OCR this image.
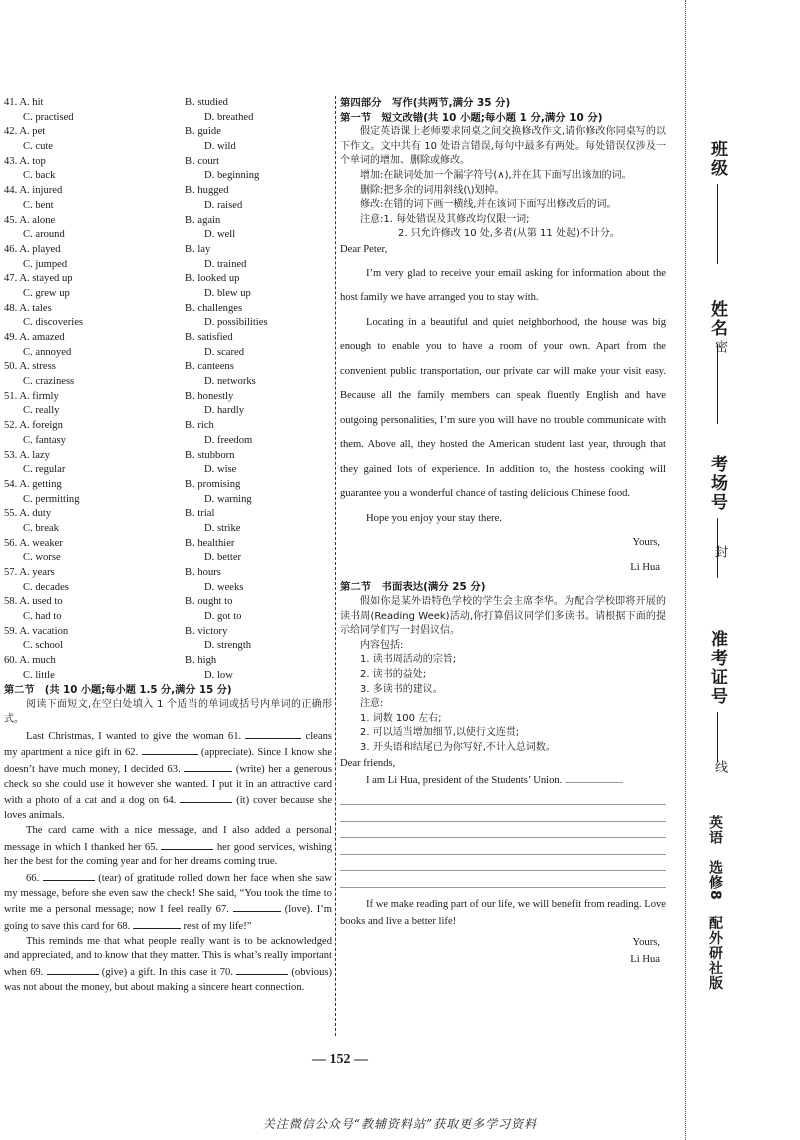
41. A. hit	B. studied
C. practised	D. breathed
42. A. pet	B. guide
C. cute	D. wild
43. A. top	B. court
C. back	D. beginning
44. A. injured	B. hugged
C. bent	D. raised
45. A. alone	B. again
C. around	D. well
46. A. played	B. lay
C. jumped	D. trained
47. A. stayed up	B. looked up
C. grew up	D. blew up
48. A. tales	B. challenges
C. discoveries	D. possibilities
49. A. amazed	B. satisfied
C. annoyed	D. scared
50. A. stress	B. canteens
C. craziness	D. networks
51. A. firmly	B. honestly
C. really	D. hardly
52. A. foreign	B. rich
C. fantasy	D. freedom
53. A. lazy	B. stubborn
C. regular	D. wise
54. A. getting	B. promising
C. permitting	D. warning
55. A. duty	B. trial
C. break	D. strike
56. A. weaker	B. healthier
C. worse	D. better
57. A. years	B. hours
C. decades	D. weeks
58. A. used to	B. ought to
C. had to	D. got to
59. A. vacation	B. victory
C. school	D. strength
60. A. much	B. high
C. little	D. low
第二节　(共 10 小题;每小题 1.5 分,满分 15 分)

阅读下面短文,在空白处填入 1 个适当的单词或括号内单词的正确形式。

Last Christmas, I wanted to give the woman 61.	cleans my apartment a nice gift in 62.	(appreciate). Since I know she doesn’t have much money, I decided 63.	(write) her a generous check so she could use it however she wanted. I put it in an attractive card with a photo of a cat and a dog on 64.	(it) cover because she loves animals.

The card came with a nice message, and I also added a personal message in which I thanked her 65.	her good services, wishing her the best for the coming year and for her dreams coming true.

66.	(tear) of gratitude rolled down her face when she saw my message, before she even saw the check! She said, “You took the time to write me a personal message; now I feel really 67.	(love). I’m going to save this card for 68.	rest of my life!”

This reminds me that what people really want is to be acknowledged and appreciated, and to know that they matter. This is what’s really important when 69.	(give) a gift. In this case it 70.	(obvious) was not about the money, but about making a sincere heart connection.

第四部分　写作(共两节,满分 35 分)
第一节　短文改错(共 10 小题;每小题 1 分,满分 10 分)

假定英语课上老师要求同桌之间交换修改作文,请你修改你同桌写的以下作文。文中共有 10 处语言错误,每句中最多有两处。每处错误仅涉及一个单词的增加、删除或修改。

增加:在缺词处加一个漏字符号(∧),并在其下面写出该加的词。

删除:把多余的词用斜线(\)划掉。

修改:在错的词下画一横线,并在该词下面写出修改后的词。

注意:1. 每处错误及其修改均仅限一词;

2. 只允许修改 10 处,多者(从第 11 处起)不计分。

Dear Peter,

I’m very glad to receive your email asking for information about the host family we have arranged you to stay with.

Locating in a beautiful and quiet neighborhood, the house was big enough to enable you to have a room of your own. Apart from the convenient public transportation, our private car will make your visit easy. Because all the family members can speak fluently English and have outgoing personalities, I’m sure you will have no trouble communicate with them. Above all, they hosted the American student last year, through that they gained lots of experience. In addition to, the hostess cooking will guarantee you a wonderful chance of tasting delicious Chinese food.

Hope you enjoy your stay there.

Yours,
Li Hua
第二节　书面表达(满分 25 分)

假如你是某外语特色学校的学生会主席李华。为配合学校即将开展的读书周(Reading Week)活动,你打算倡议同学们多读书。请根据下面的提示给同学们写一封倡议信。

内容包括:

1. 读书周活动的宗旨;

2. 读书的益处;

3. 多读书的建议。

注意:

1. 词数 100 左右;

2. 可以适当增加细节,以使行文连贯;

3. 开头语和结尾已为你写好,不计入总词数。

Dear friends,
I am Li Hua, president of the Students’ Union.

If we make reading part of our life, we will benefit from reading. Love books and live a better life!

Yours,
Li Hua
— 152 —
关注微信公众号“教辅资料站”获取更多学习资料
班级
姓名
密
考场号
封
准考证号
线
英语　选修8　配外研社版
